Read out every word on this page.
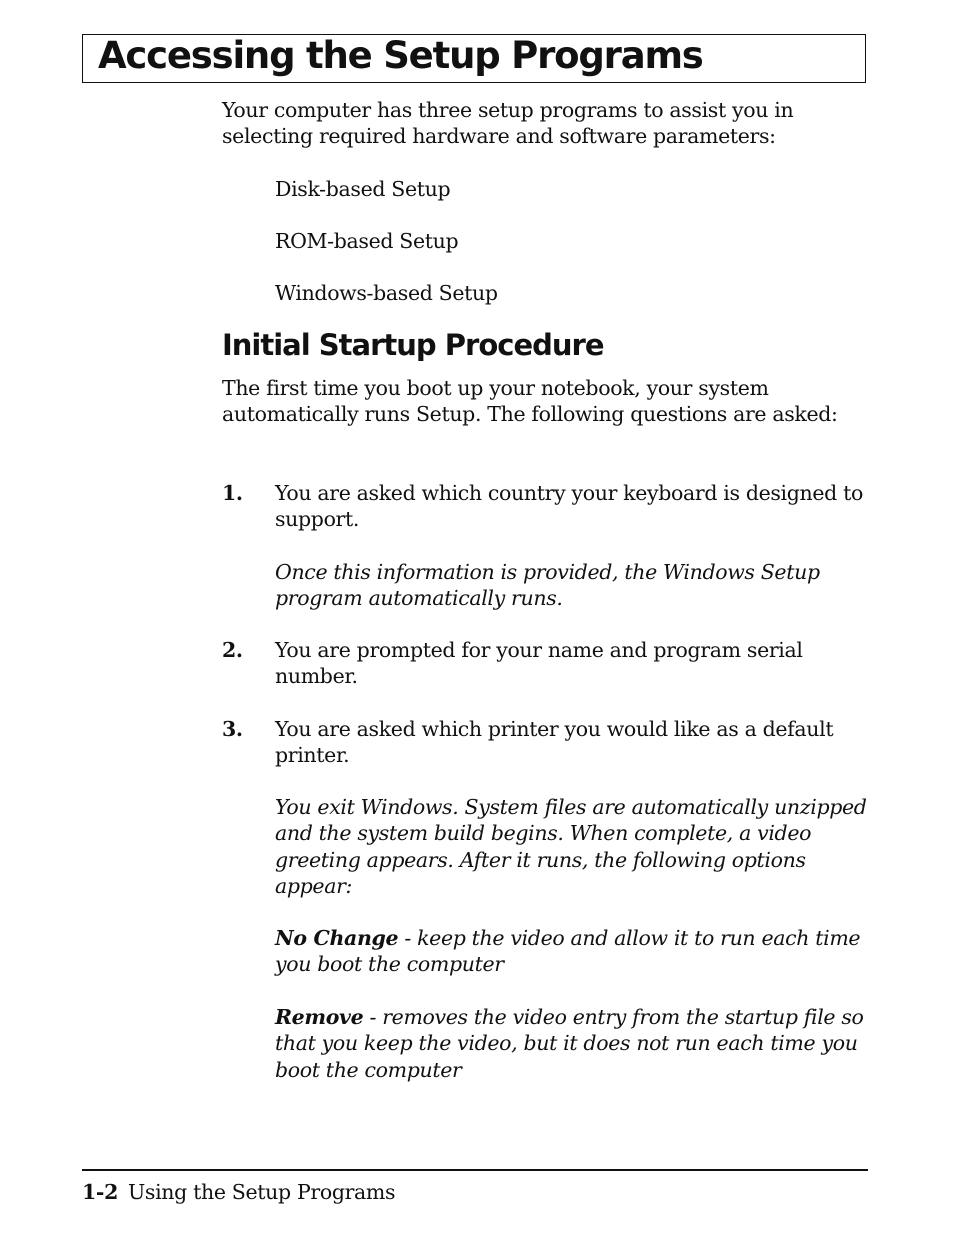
Accessing the Setup Programs
Your computer has three setup programs to assist you in selecting required hardware and software parameters:
Disk-based Setup
ROM-based Setup
Windows-based Setup
Initial Startup Procedure
The first time you boot up your notebook, your system automatically runs Setup. The following questions are asked:
1. You are asked which country your keyboard is designed to support.
Once this information is provided, the Windows Setup program automatically runs.
2. You are prompted for your name and program serial number.
3. You are asked which printer you would like as a default printer.
You exit Windows. System files are automatically unzipped and the system build begins. When complete, a video greeting appears. After it runs, the following options appear:
No Change - keep the video and allow it to run each time you boot the computer
Remove - removes the video entry from the startup file so that you keep the video, but it does not run each time you boot the computer
1-2 Using the Setup Programs
